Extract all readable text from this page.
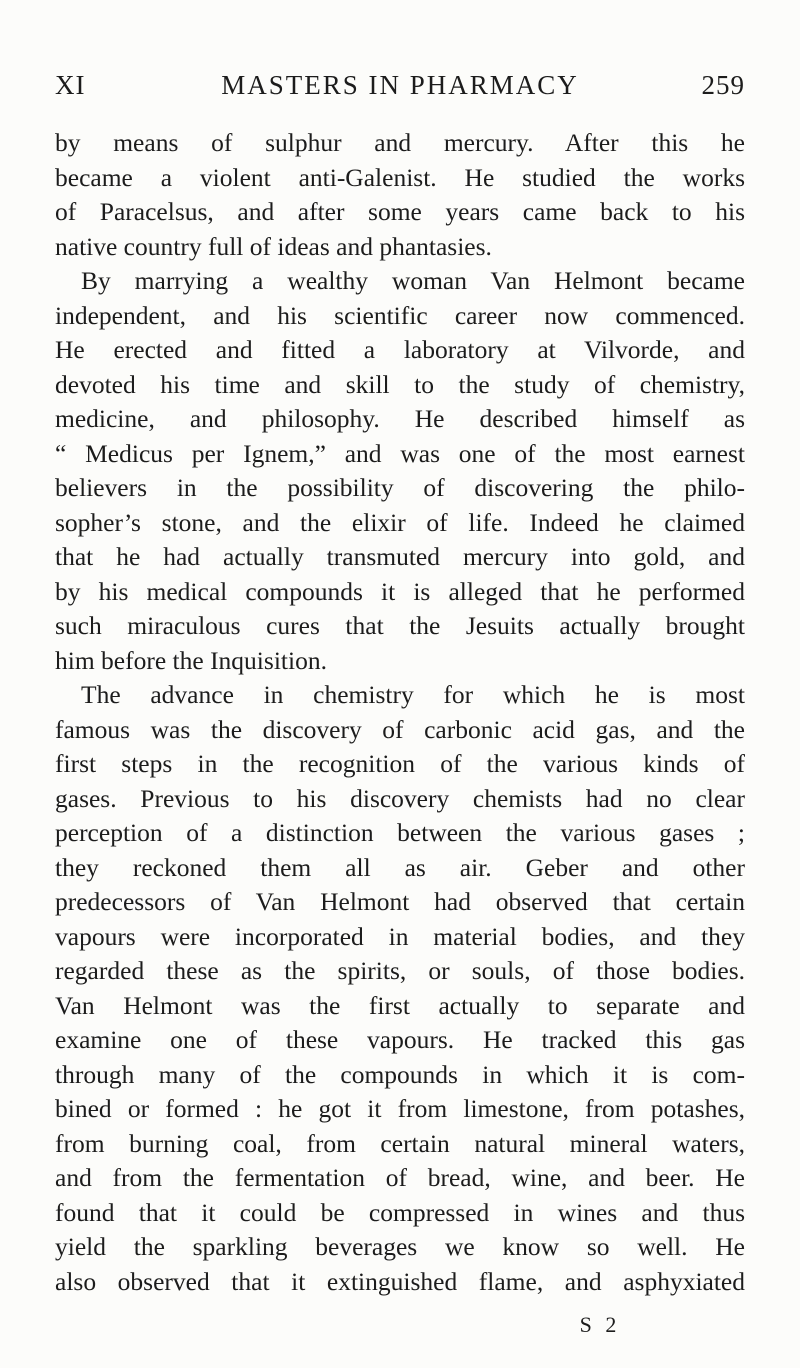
XI	MASTERS IN PHARMACY	259
by means of sulphur and mercury. After this he
became a violent anti-Galenist. He studied the works
of Paracelsus, and after some years came back to his
native country full of ideas and phantasies.
By marrying a wealthy woman Van Helmont became
independent, and his scientific career now commenced.
He erected and fitted a laboratory at Vilvorde, and
devoted his time and skill to the study of chemistry,
medicine, and philosophy. He described himself as
“ Medicus per Ignem,” and was one of the most earnest
believers in the possibility of discovering the philo-
sopher’s stone, and the elixir of life. Indeed he claimed
that he had actually transmuted mercury into gold, and
by his medical compounds it is alleged that he performed
such miraculous cures that the Jesuits actually brought
him before the Inquisition.
The advance in chemistry for which he is most
famous was the discovery of carbonic acid gas, and the
first steps in the recognition of the various kinds of
gases. Previous to his discovery chemists had no clear
perception of a distinction between the various gases ;
they reckoned them all as air. Geber and other
predecessors of Van Helmont had observed that certain
vapours were incorporated in material bodies, and they
regarded these as the spirits, or souls, of those bodies.
Van Helmont was the first actually to separate and
examine one of these vapours. He tracked this gas
through many of the compounds in which it is com-
bined or formed : he got it from limestone, from potashes,
from burning coal, from certain natural mineral waters,
and from the fermentation of bread, wine, and beer. He
found that it could be compressed in wines and thus
yield the sparkling beverages we know so well. He
also observed that it extinguished flame, and asphyxiated
S 2
